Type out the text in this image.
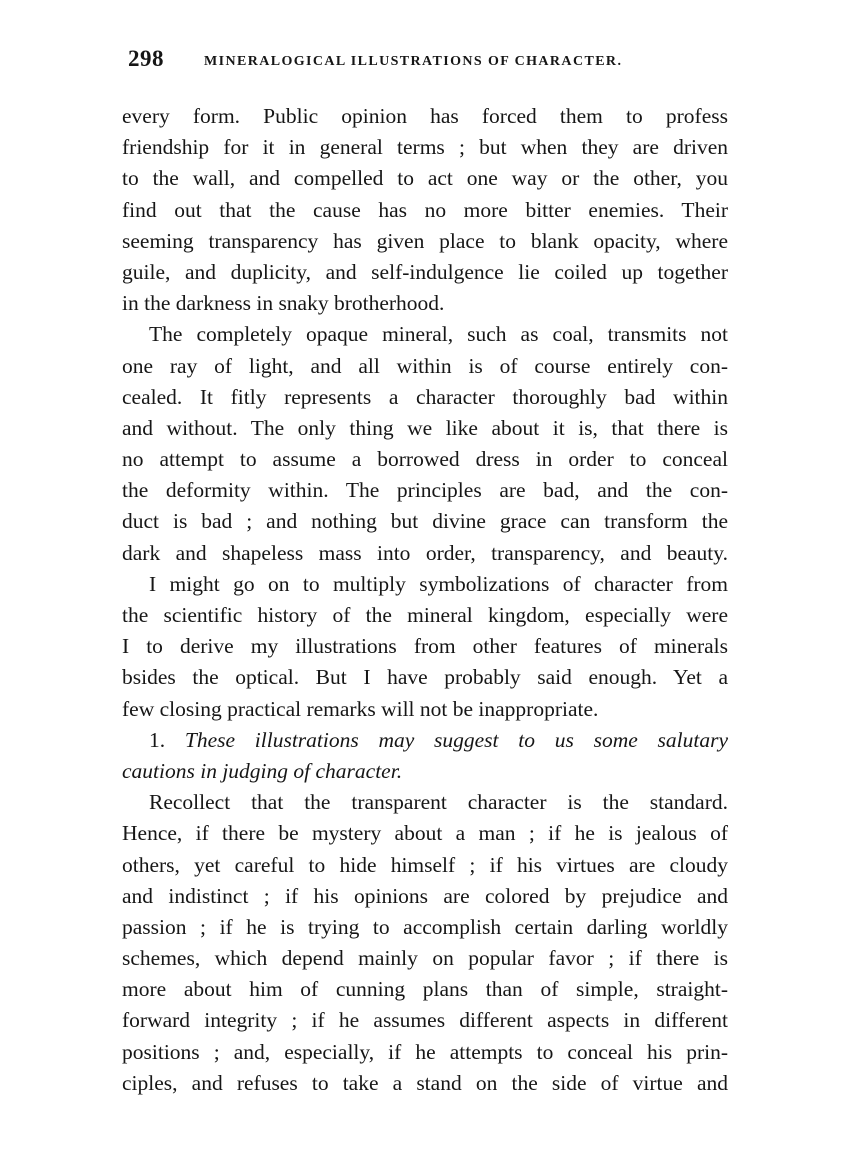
298	MINERALOGICAL ILLUSTRATIONS OF CHARACTER.
every form. Public opinion has forced them to profess
friendship for it in general terms ; but when they are driven
to the wall, and compelled to act one way or the other, you
find out that the cause has no more bitter enemies. Their
seeming transparency has given place to blank opacity, where
guile, and duplicity, and self-indulgence lie coiled up together
in the darkness in snaky brotherhood.
The completely opaque mineral, such as coal, transmits not
one ray of light, and all within is of course entirely con-
cealed. It fitly represents a character thoroughly bad within
and without. The only thing we like about it is, that there is
no attempt to assume a borrowed dress in order to conceal
the deformity within. The principles are bad, and the con-
duct is bad ; and nothing but divine grace can transform the
dark and shapeless mass into order, transparency, and beauty.
I might go on to multiply symbolizations of character from
the scientific history of the mineral kingdom, especially were
I to derive my illustrations from other features of minerals
bsides the optical. But I have probably said enough. Yet a
few closing practical remarks will not be inappropriate.
1. These illustrations may suggest to us some salutary
cautions in judging of character.
Recollect that the transparent character is the standard.
Hence, if there be mystery about a man ; if he is jealous of
others, yet careful to hide himself ; if his virtues are cloudy
and indistinct ; if his opinions are colored by prejudice and
passion ; if he is trying to accomplish certain darling worldly
schemes, which depend mainly on popular favor ; if there is
more about him of cunning plans than of simple, straight-
forward integrity ; if he assumes different aspects in different
positions ; and, especially, if he attempts to conceal his prin-
ciples, and refuses to take a stand on the side of virtue and
